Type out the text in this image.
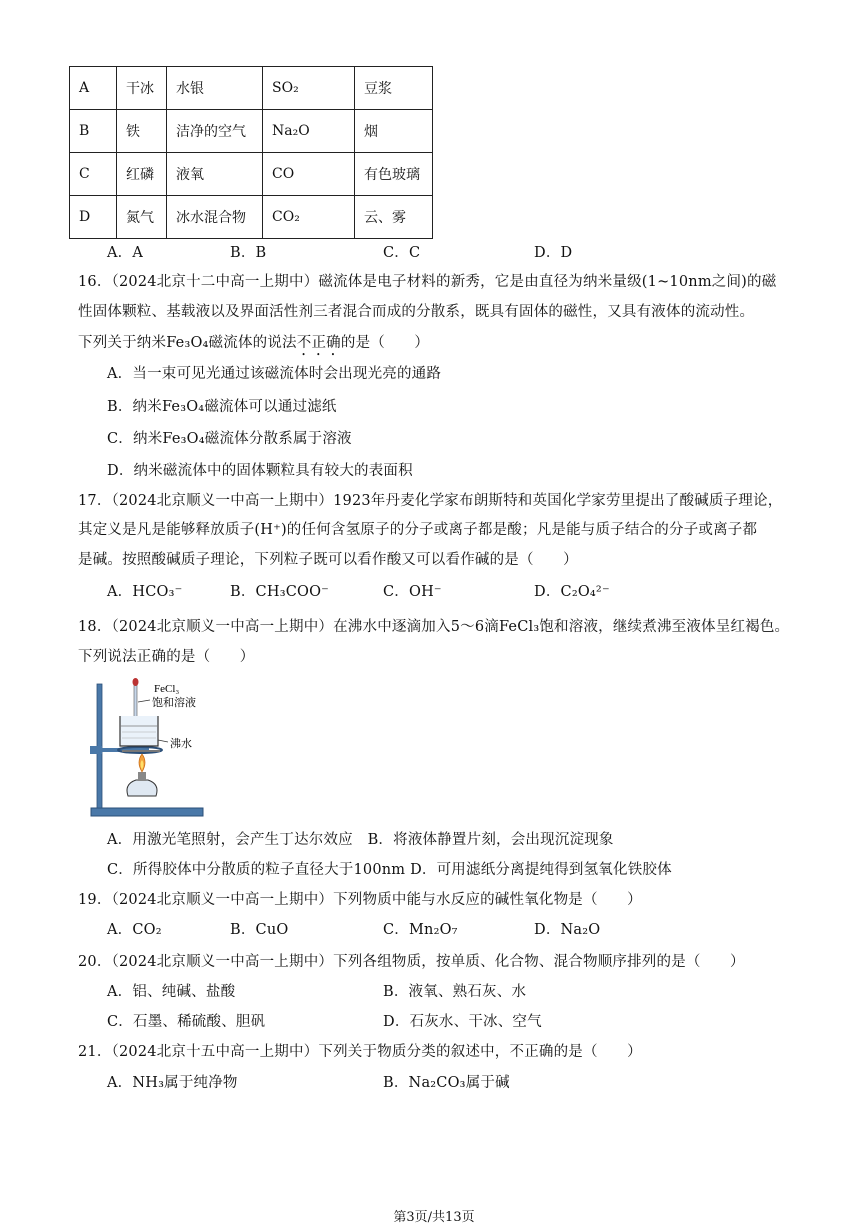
A	干冰	水银	SO₂	豆浆
B	铁	洁净的空气	Na₂O	烟
C	红磷	液氧	CO	有色玻璃
D	氮气	冰水混合物	CO₂	云、雾
A．A	B．B	C．C	D．D
16．（2024北京十二中高一上期中）磁流体是电子材料的新秀，它是由直径为纳米量级(1~10nm之间)的磁
性固体颗粒、基载液以及界面活性剂三者混合而成的分散系，既具有固体的磁性，又具有液体的流动性。
下列关于纳米Fe₃O₄磁流体的说法不正确的是（　　）
A．当一束可见光通过该磁流体时会出现光亮的通路
B．纳米Fe₃O₄磁流体可以通过滤纸
C．纳米Fe₃O₄磁流体分散系属于溶液
D．纳米磁流体中的固体颗粒具有较大的表面积
17．（2024北京顺义一中高一上期中）1923年丹麦化学家布朗斯特和英国化学家劳里提出了酸碱质子理论，
其定义是凡是能够释放质子(H⁺)的任何含氢原子的分子或离子都是酸；凡是能与质子结合的分子或离子都
是碱。按照酸碱质子理论，下列粒子既可以看作酸又可以看作碱的是（　　）
A．HCO₃⁻	B．CH₃COO⁻	C．OH⁻	D．C₂O₄²⁻
18．（2024北京顺义一中高一上期中）在沸水中逐滴加入5～6滴FeCl₃饱和溶液，继续煮沸至液体呈红褐色。
下列说法正确的是（　　）
FeCl₃
饱和溶液
沸水
A．用激光笔照射，会产生丁达尔效应　B．将液体静置片刻，会出现沉淀现象
C．所得胶体中分散质的粒子直径大于100nm D．可用滤纸分离提纯得到氢氧化铁胶体
19．（2024北京顺义一中高一上期中）下列物质中能与水反应的碱性氧化物是（　　）
A．CO₂	B．CuO	C．Mn₂O₇	D．Na₂O
20．（2024北京顺义一中高一上期中）下列各组物质，按单质、化合物、混合物顺序排列的是（　　）
A．铝、纯碱、盐酸	B．液氧、熟石灰、水
C．石墨、稀硫酸、胆矾	D．石灰水、干冰、空气
21．（2024北京十五中高一上期中）下列关于物质分类的叙述中，不正确的是（　　）
A．NH₃属于纯净物	B．Na₂CO₃属于碱
第3页/共13页
